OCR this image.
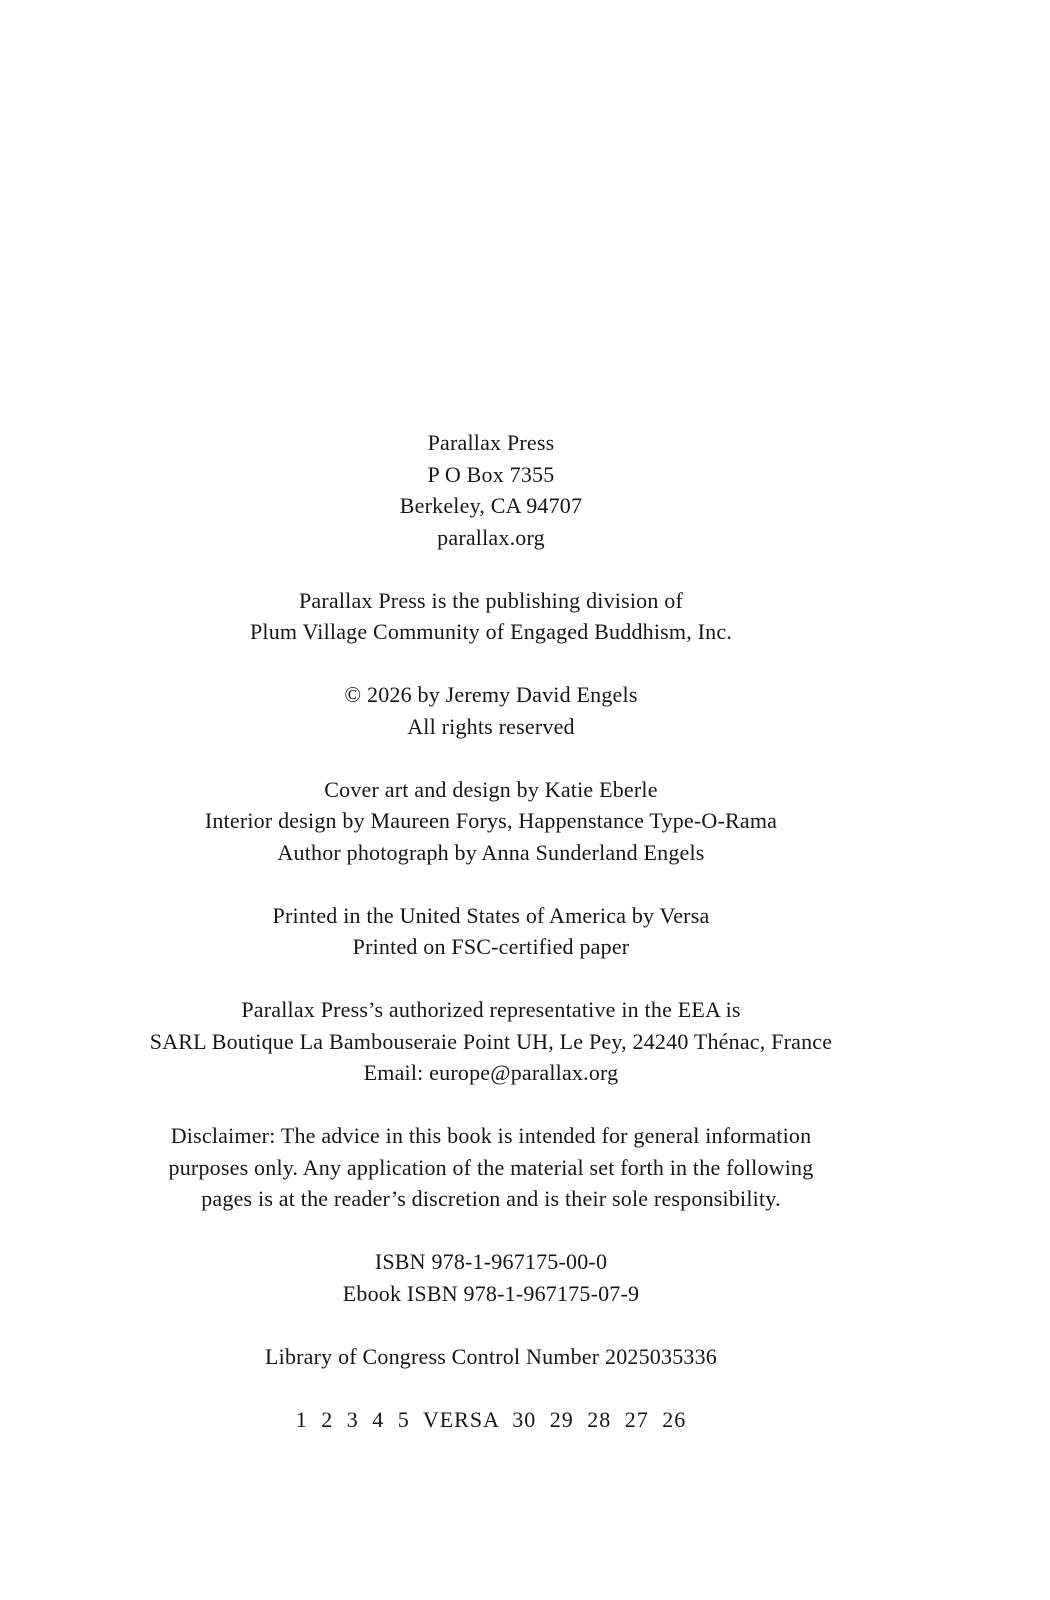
Parallax Press
P O Box 7355
Berkeley, CA 94707
parallax.org
Parallax Press is the publishing division of
Plum Village Community of Engaged Buddhism, Inc.
© 2026 by Jeremy David Engels
All rights reserved
Cover art and design by Katie Eberle
Interior design by Maureen Forys, Happenstance Type-O-Rama
Author photograph by Anna Sunderland Engels
Printed in the United States of America by Versa
Printed on FSC-certified paper
Parallax Press’s authorized representative in the EEA is
SARL Boutique La Bambouseraie Point UH, Le Pey, 24240 Thénac, France
Email: europe@parallax.org
Disclaimer: The advice in this book is intended for general information
purposes only. Any application of the material set forth in the following
pages is at the reader’s discretion and is their sole responsibility.
ISBN 978-1-967175-00-0
Ebook ISBN 978-1-967175-07-9
Library of Congress Control Number 2025035336
1 2 3 4 5 VERSA 30 29 28 27 26
